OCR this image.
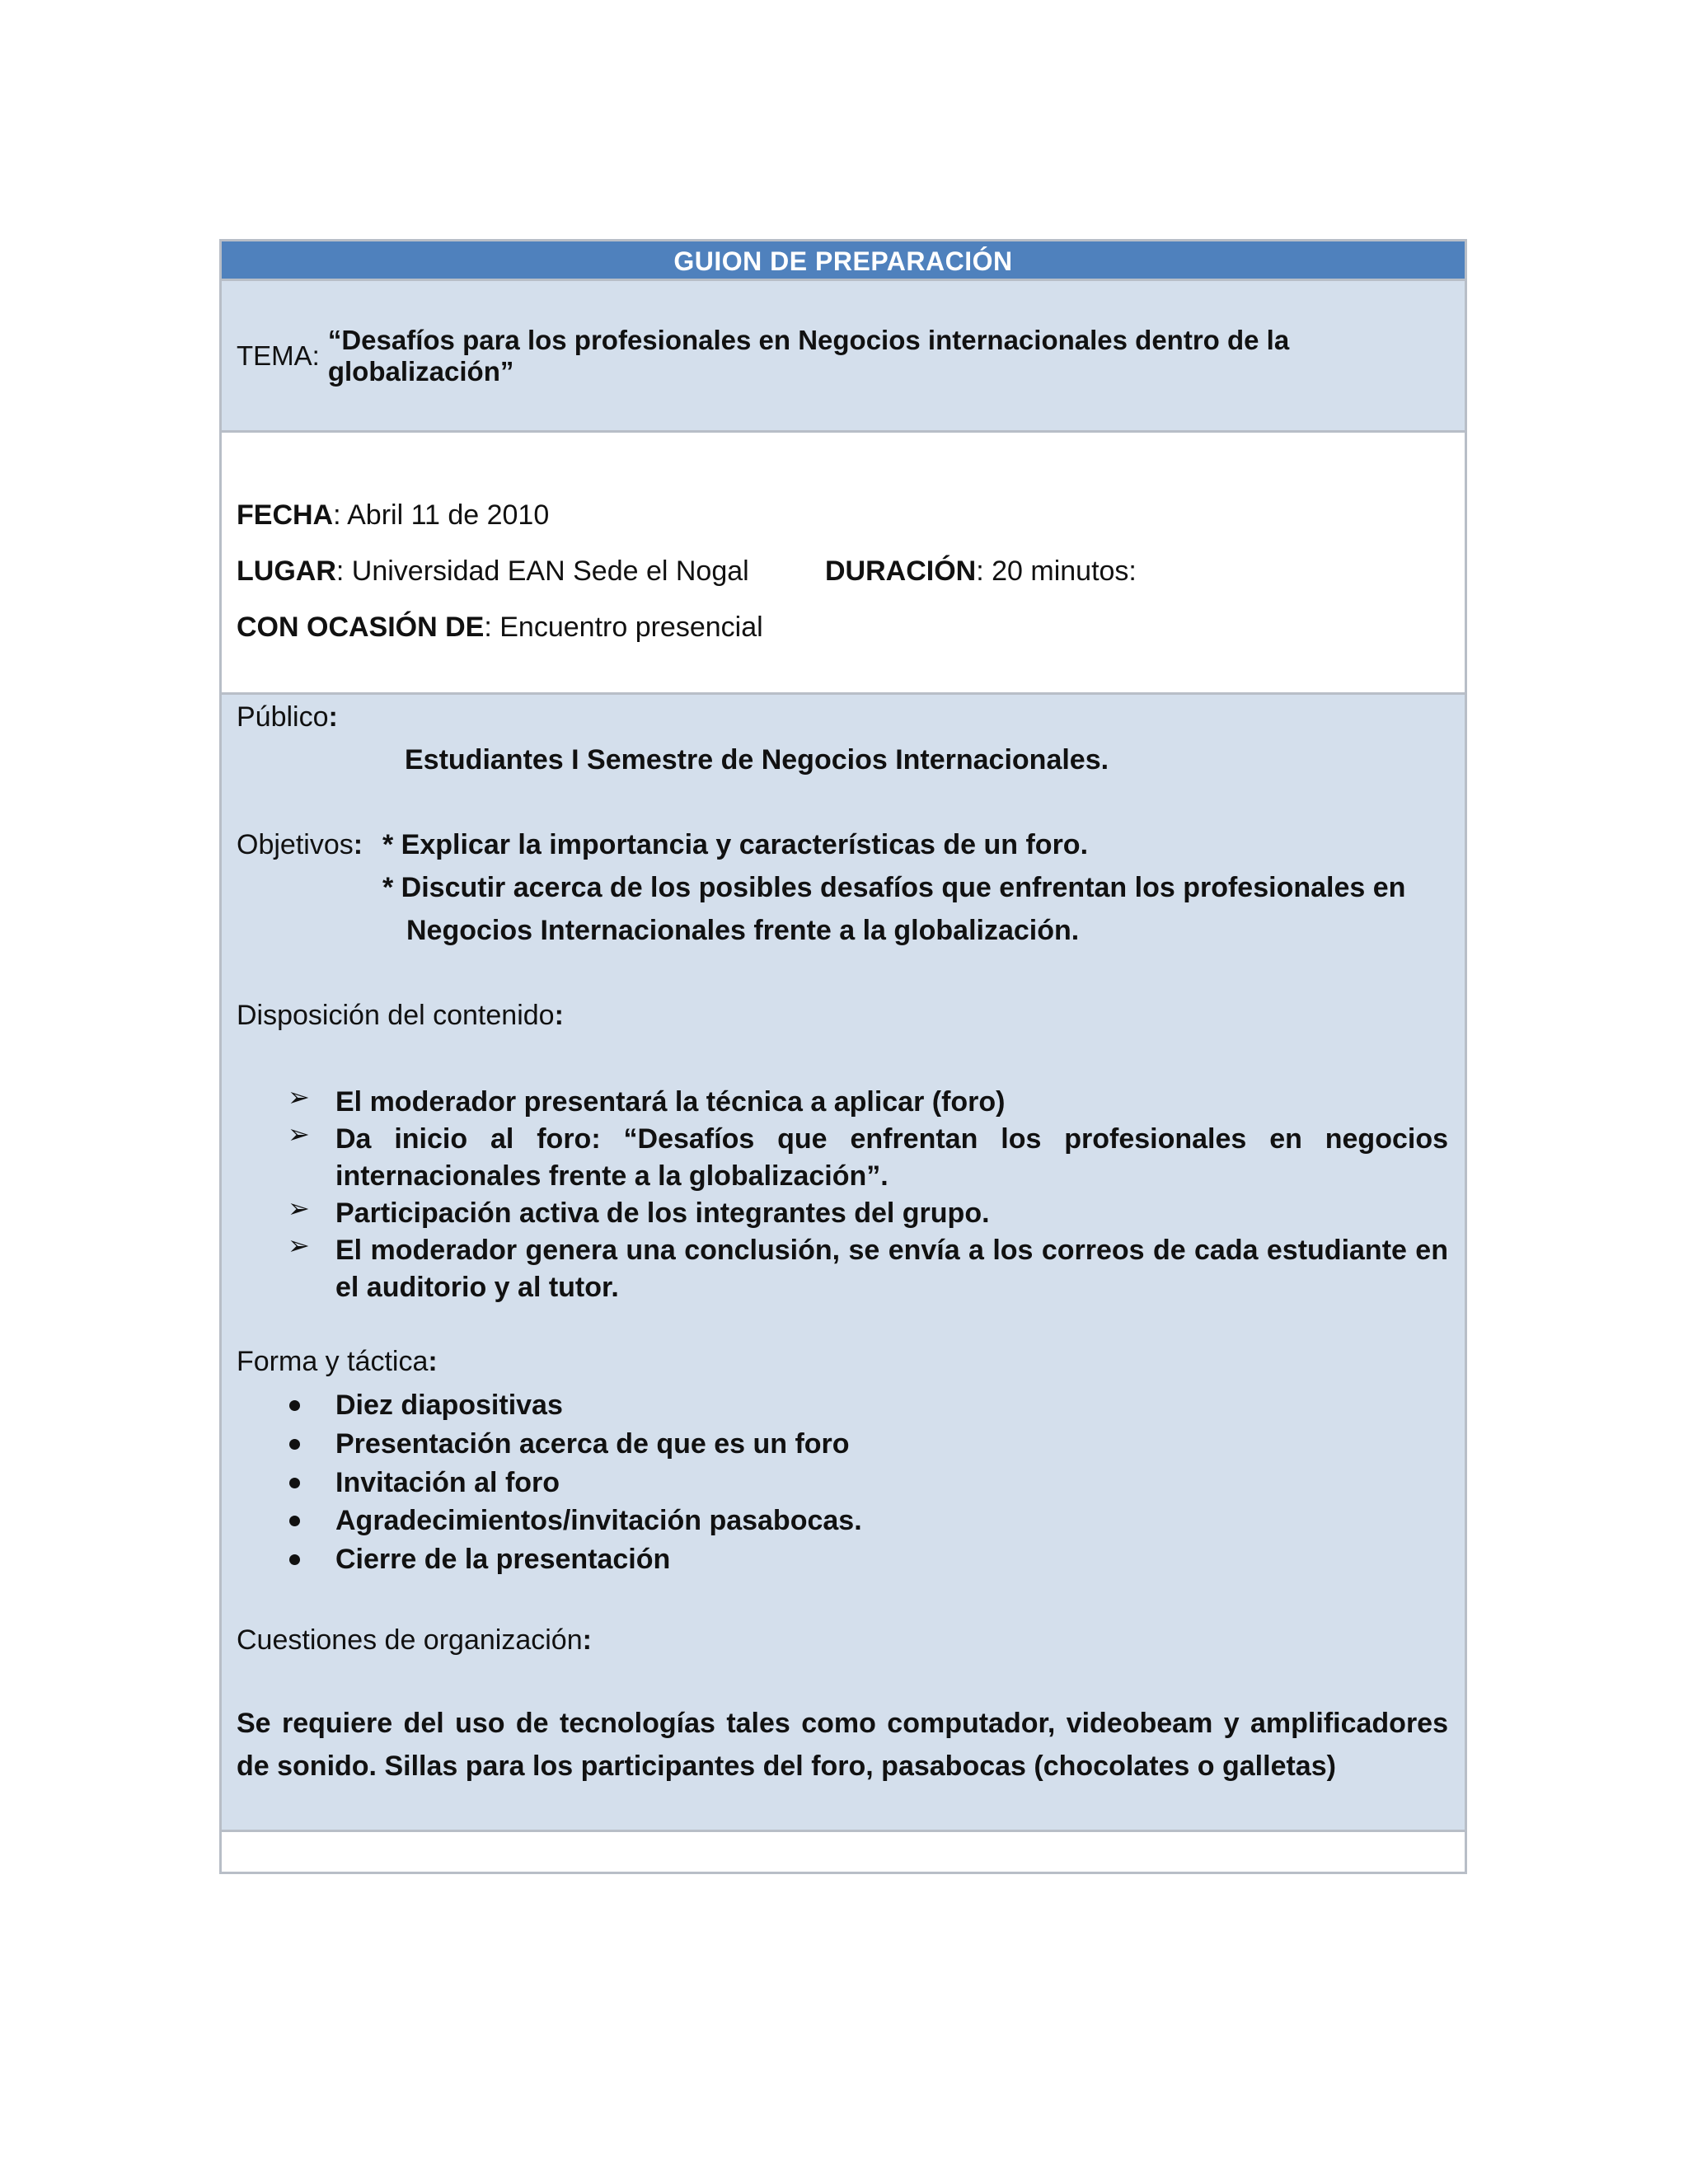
GUION DE PREPARACIÓN
TEMA:
“Desafíos para los profesionales en Negocios internacionales dentro de la globalización”
FECHA: Abril 11 de 2010
LUGAR: Universidad EAN Sede el Nogal	DURACIÓN: 20 minutos:
CON OCASIÓN DE: Encuentro presencial
Público:
Estudiantes I Semestre de Negocios Internacionales.
Objetivos: * Explicar la importancia y características de un foro.
* Discutir acerca de los posibles desafíos que enfrentan los profesionales en
Negocios Internacionales frente a la globalización.
Disposición del contenido:
➢ El moderador presentará la técnica a aplicar (foro)
➢ Da inicio al foro: “Desafíos que enfrentan los profesionales en negocios internacionales frente a la globalización”.
➢ Participación activa de los integrantes del grupo.
➢ El moderador genera una conclusión, se envía a los correos de cada estudiante en el auditorio y al tutor.
Forma y táctica:
Diez diapositivas
Presentación acerca de que es un foro
Invitación al foro
Agradecimientos/invitación pasabocas.
Cierre de la presentación
Cuestiones de organización:
Se requiere del uso de tecnologías tales como computador, videobeam y amplificadores de sonido. Sillas para los participantes del foro, pasabocas (chocolates o galletas)
